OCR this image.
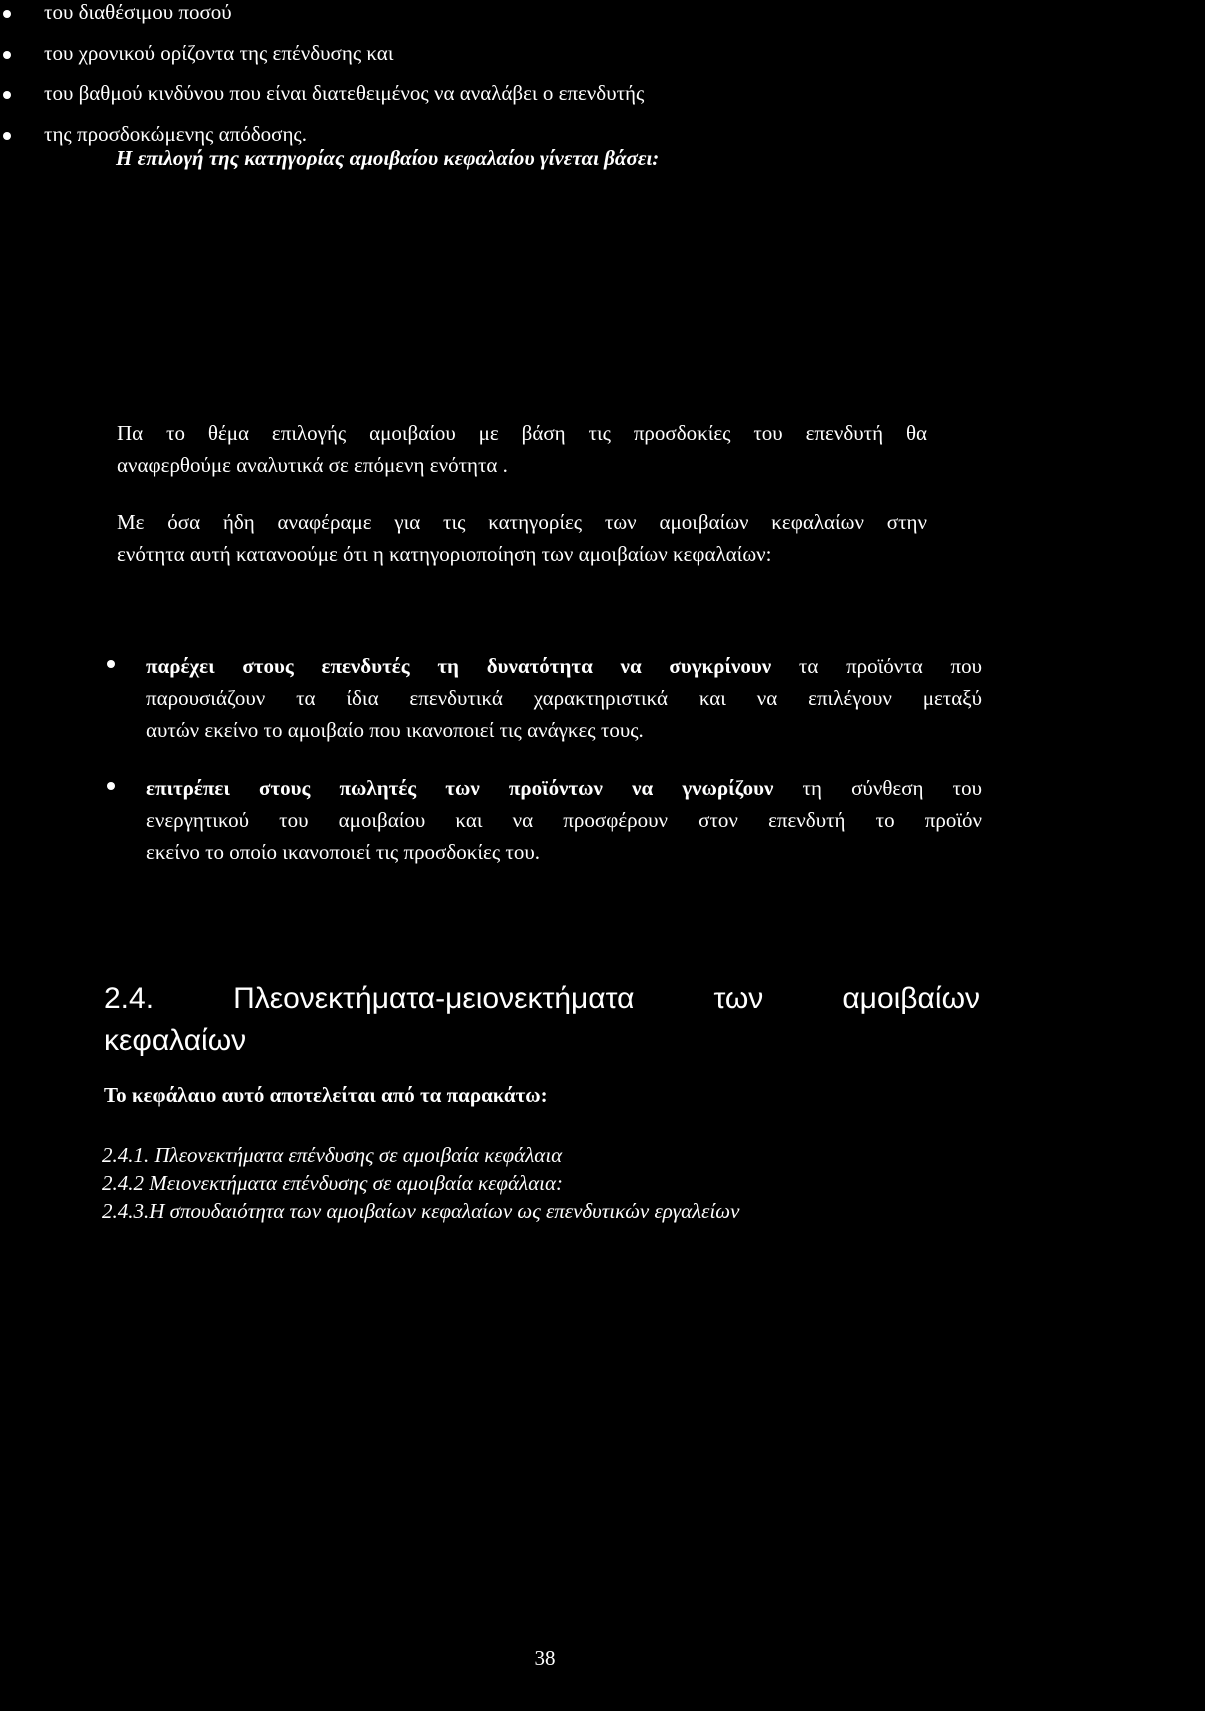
Η επιλογή της κατηγορίας αμοιβαίου κεφαλαίου γίνεται βάσει:
του διαθέσιμου ποσού
του χρονικού ορίζοντα της επένδυσης και
του βαθμού κινδύνου που είναι διατεθειμένος να αναλάβει ο επενδυτής
της προσδοκώμενης απόδοσης.
Πα το θέμα επιλογής αμοιβαίου με βάση τις προσδοκίες του επενδυτή θα
αναφερθούμε αναλυτικά σε επόμενη ενότητα .
Με όσα ήδη αναφέραμε για τις κατηγορίες των αμοιβαίων κεφαλαίων στην
ενότητα αυτή κατανοούμε ότι η κατηγοριοποίηση των αμοιβαίων κεφαλαίων:
παρέχει στους επενδυτές τη δυνατότητα να συγκρίνουν τα προϊόντα που
παρουσιάζουν τα ίδια επενδυτικά χαρακτηριστικά και να επιλέγουν μεταξύ
αυτών εκείνο το αμοιβαίο που ικανοποιεί τις ανάγκες τους.
επιτρέπει στους πωλητές των προϊόντων να γνωρίζουν τη σύνθεση του
ενεργητικού του αμοιβαίου και να προσφέρουν στον επενδυτή το προϊόν
εκείνο το οποίο ικανοποιεί τις προσδοκίες του.
2.4. Πλεονεκτήματα-μειονεκτήματα των αμοιβαίων
κεφαλαίων
Το κεφάλαιο αυτό αποτελείται από τα παρακάτω:
2.4.1. Πλεονεκτήματα επένδυσης σε αμοιβαία κεφάλαια
2.4.2 Μειονεκτήματα επένδυσης σε αμοιβαία κεφάλαια:
2.4.3.Η σπουδαιότητα των αμοιβαίων κεφαλαίων ως επενδυτικών εργαλείων
38
